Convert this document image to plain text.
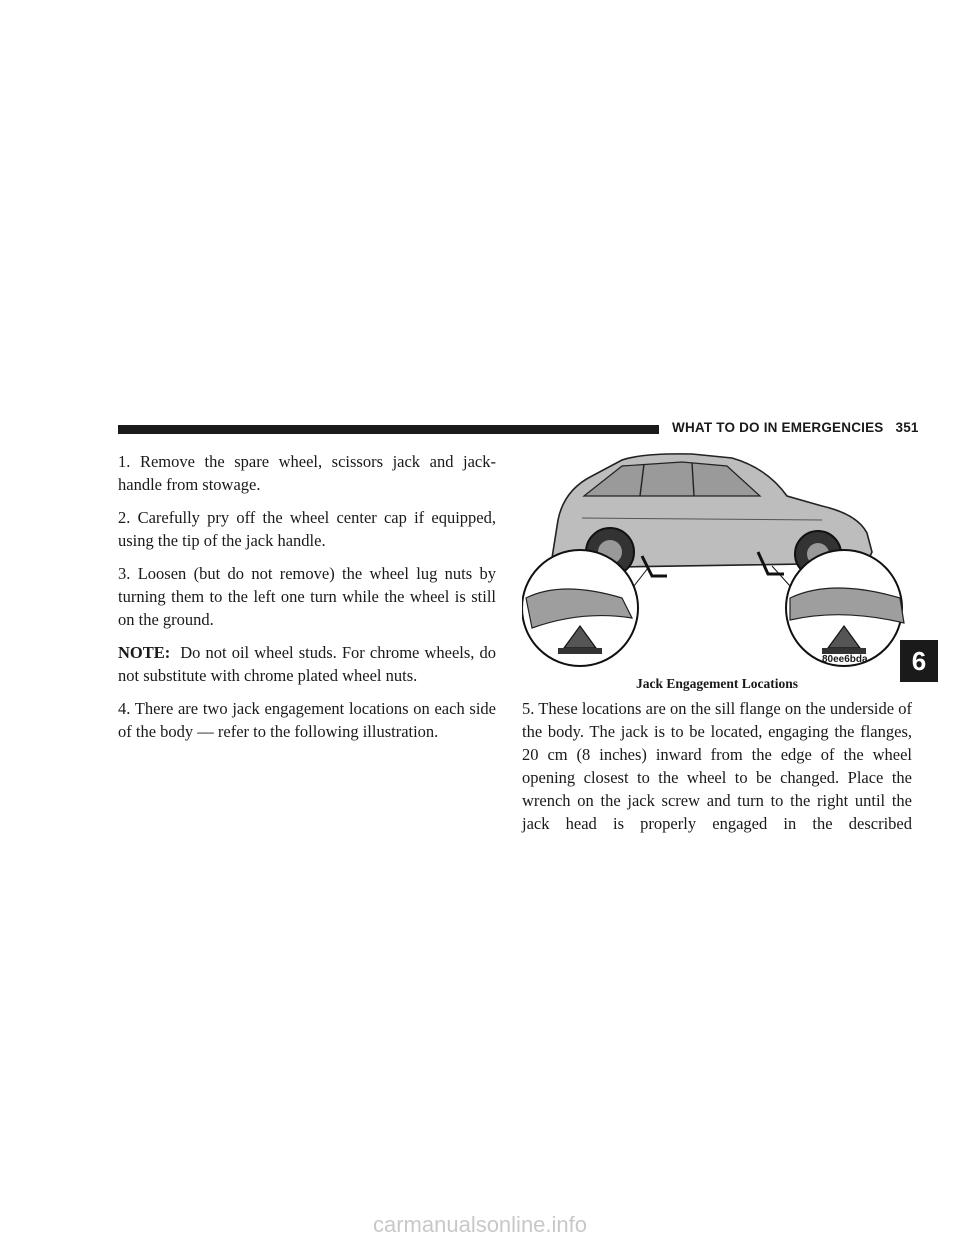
WHAT TO DO IN EMERGENCIES 351

1. Remove the spare wheel, scissors jack and jack-handle from stowage.

2. Carefully pry off the wheel center cap if equipped, using the tip of the jack handle.

3. Loosen (but do not remove) the wheel lug nuts by turning them to the left one turn while the wheel is still on the ground.

NOTE: Do not oil wheel studs. For chrome wheels, do not substitute with chrome plated wheel nuts.

4. There are two jack engagement locations on each side of the body — refer to the following illustration.

80ee6bda
Jack Engagement Locations

5. These locations are on the sill flange on the underside of the body. The jack is to be located, engaging the flanges, 20 cm (8 inches) inward from the edge of the wheel opening closest to the wheel to be changed. Place the wrench on the jack screw and turn to the right until the jack head is properly engaged in the described

6
carmanualsonline.info
